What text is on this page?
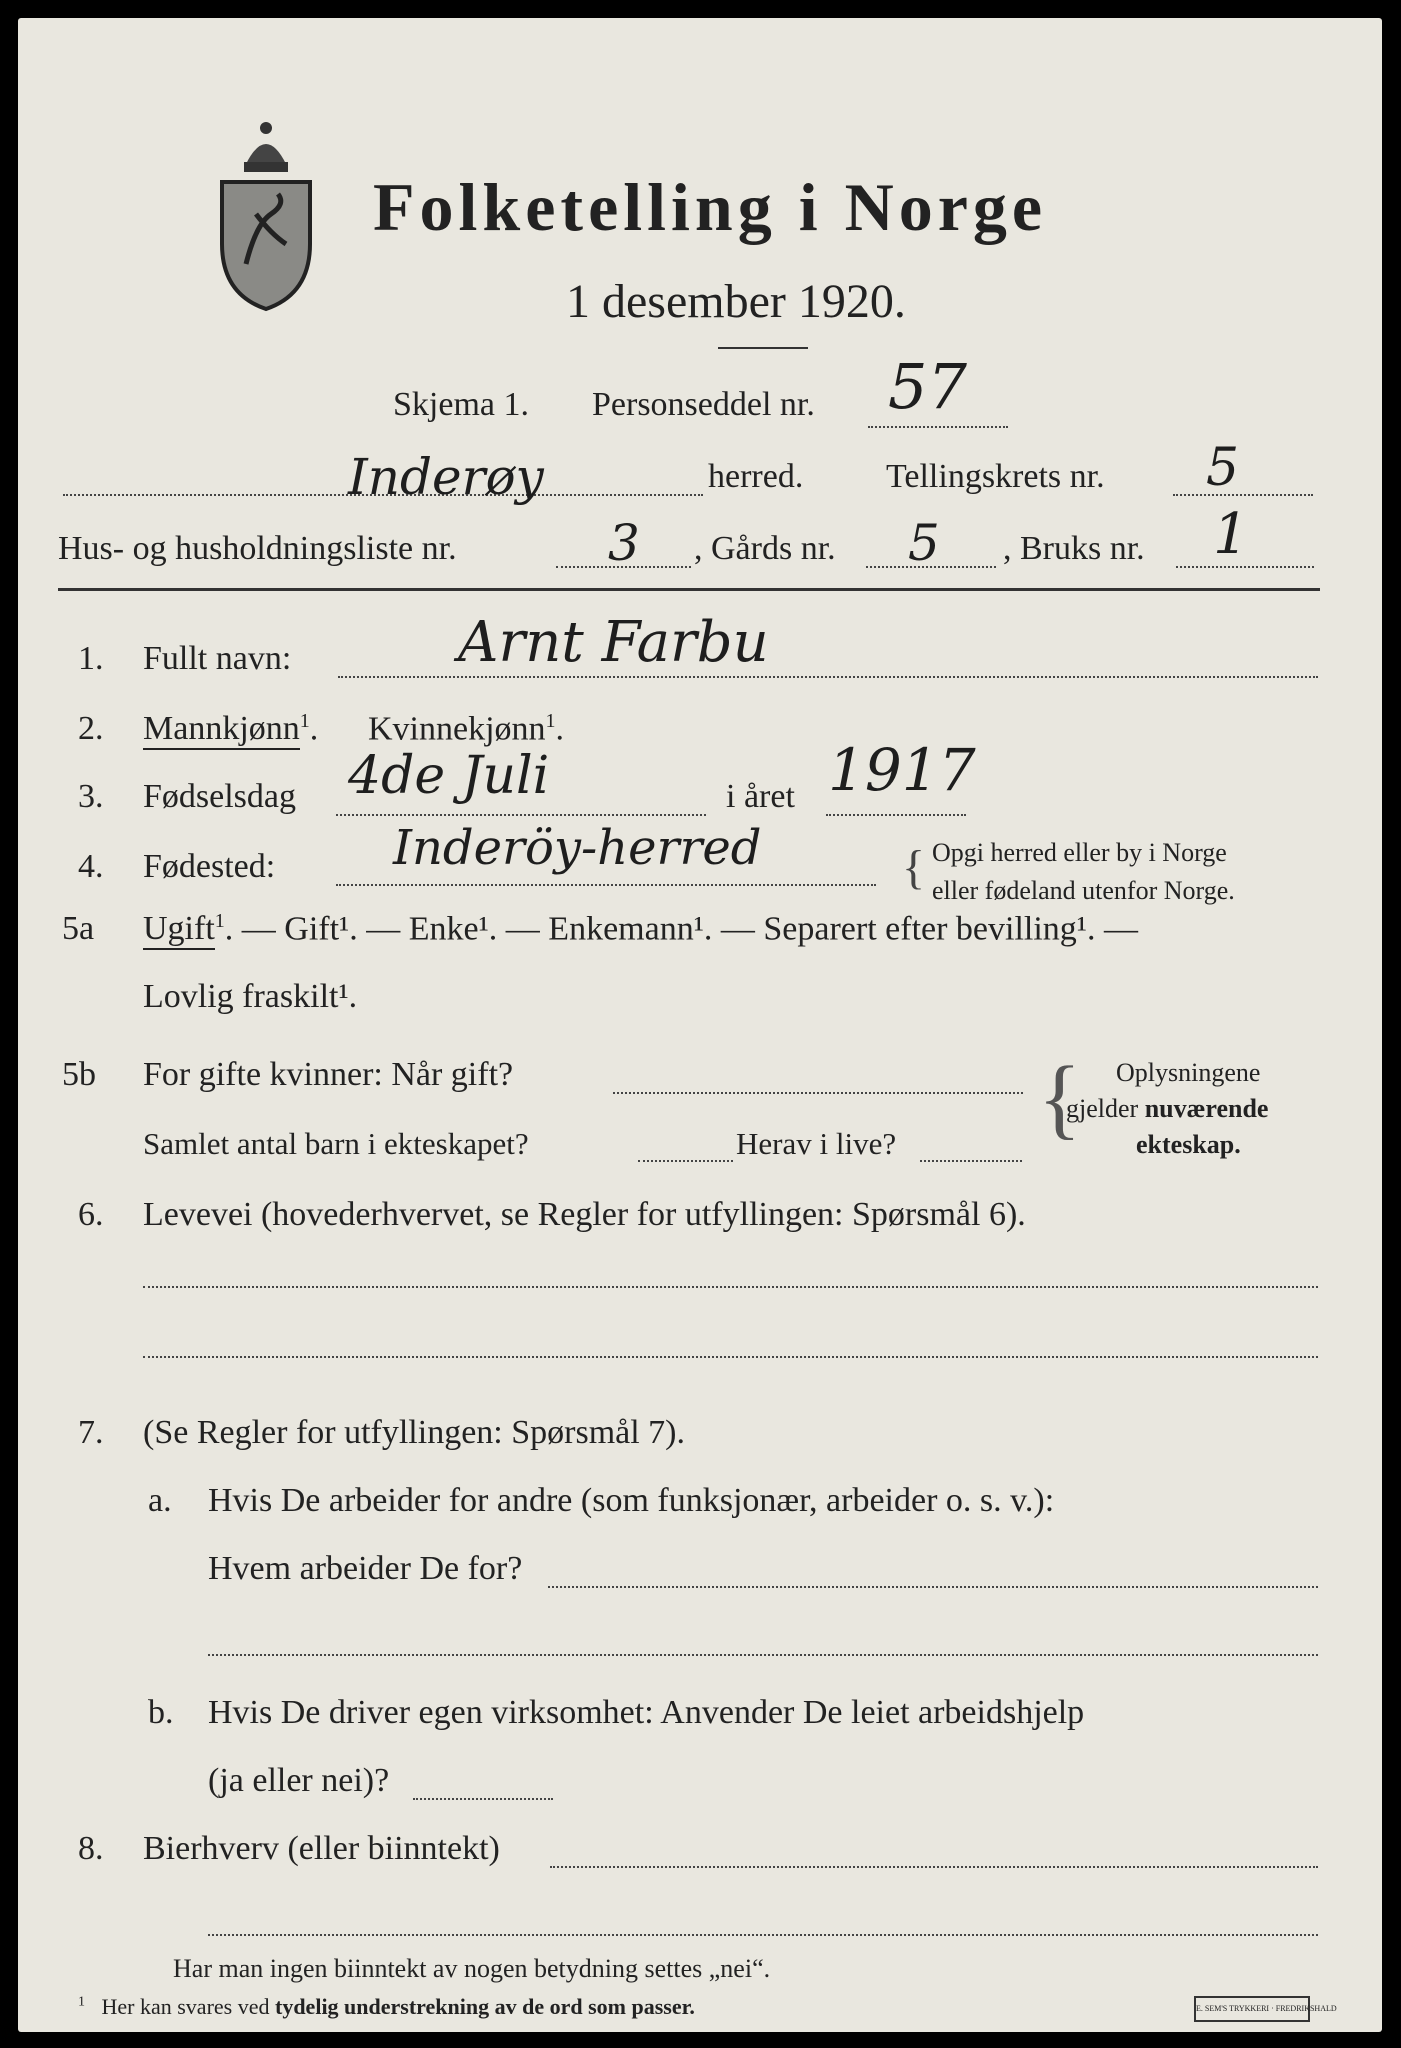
Folketelling i Norge
1 desember 1920.
Skjema 1. Personseddel nr. 57
Inderøy	herred. Tellingskrets nr. 5
Hus- og husholdningsliste nr.	3 , Gårds nr. 5 , Bruks nr. 1
1. Fullt navn:	Arnt Farbu
2. Mannkjønn$^1$. Kvinnekjønn$^1$.
3. Fødselsdag 4de Juli	i året 1917
4. Fødested: Inderöy-herred	{ Opgi herred eller by i Norge
eller fødeland utenfor Norge.
5a Ugift$^1$. — Gift¹. — Enke¹. — Enkemann¹. — Separert efter bevilling¹. —
Lovlig fraskilt¹.
5b For gifte kvinner: Når gift?
Samlet antal barn i ekteskapet?	Herav i live? { Oplysningene
gjelder nuværende
ekteskap.
6. Levevei (hovederhvervet, se Regler for utfyllingen: Spørsmål 6).
7. (Se Regler for utfyllingen: Spørsmål 7).
a. Hvis De arbeider for andre (som funksjonær, arbeider o. s. v.):
Hvem arbeider De for?
b. Hvis De driver egen virksomhet: Anvender De leiet arbeidshjelp
(ja eller nei)?
8. Bierhverv (eller biinntekt)
Har man ingen biinntekt av nogen betydning settes „nei“.
$^1$ Her kan svares ved tydelig understrekning av de ord som passer.	E. SEM'S TRYKKERI · FREDRIKSHALD
